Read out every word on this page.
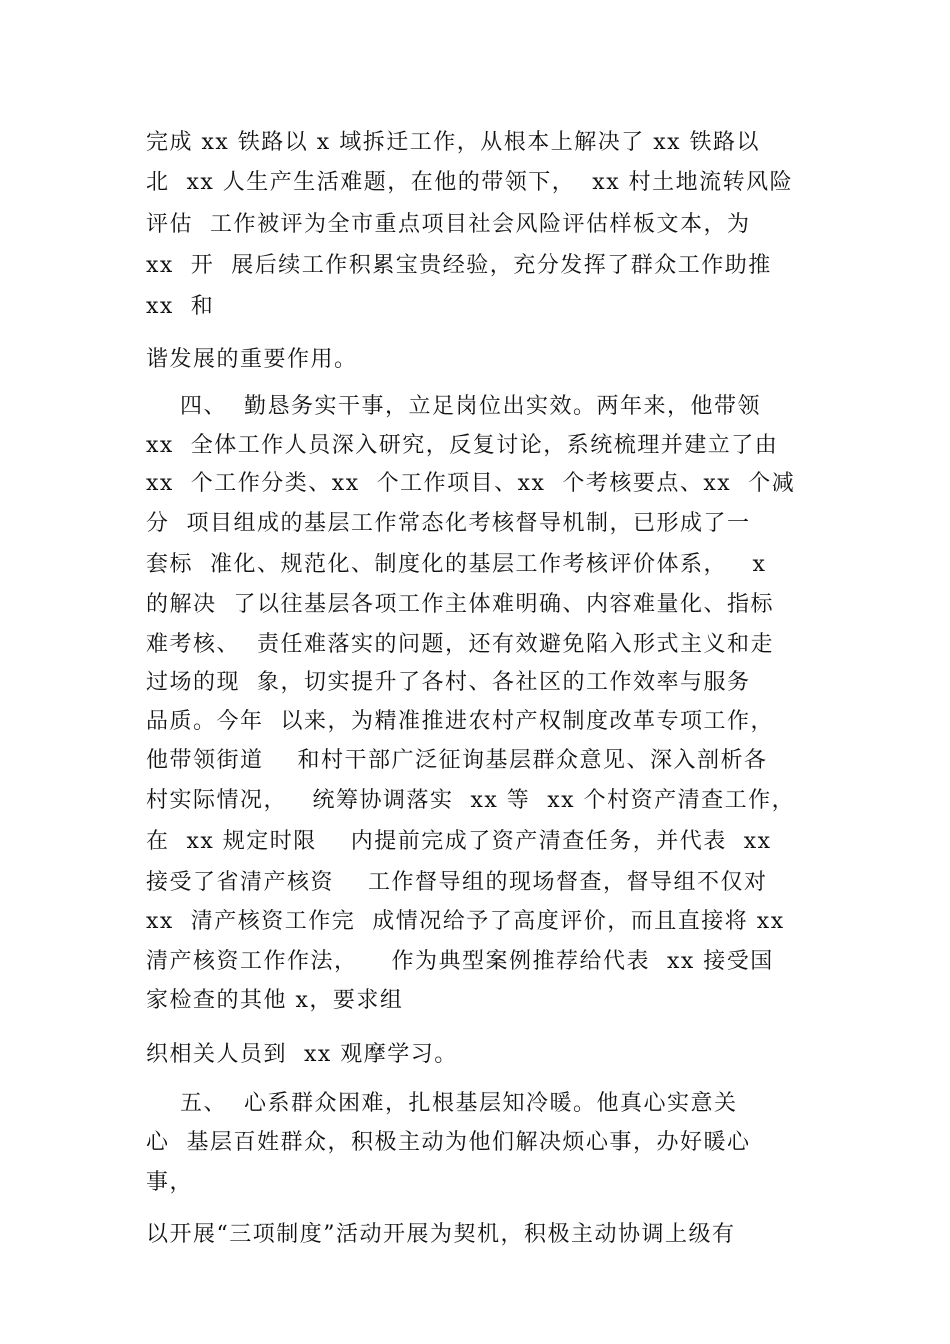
完成 xx 铁路以 x 域拆迁工作，从根本上解决了 xx 铁路以

北  xx 人生产生活难题，在他的带领下，  xx 村土地流转风险

评估  工作被评为全市重点项目社会风险评估样板文本，为

xx  开  展后续工作积累宝贵经验，充分发挥了群众工作助推

xx  和

谐发展的重要作用。

四、  勤恳务实干事，立足岗位出实效。两年来，他带领

xx  全体工作人员深入研究，反复讨论，系统梳理并建立了由

xx  个工作分类、xx  个工作项目、xx  个考核要点、xx  个减

分  项目组成的基层工作常态化考核督导机制，已形成了一

套标  准化、规范化、制度化的基层工作考核评价体系，   x

的解决  了以往基层各项工作主体难明确、内容难量化、指标

难考核、  责任难落实的问题，还有效避免陷入形式主义和走

过场的现  象，切实提升了各村、各社区的工作效率与服务

品质。今年  以来，为精准推进农村产权制度改革专项工作，

他带领街道    和村干部广泛征询基层群众意见、深入剖析各

村实际情况，   统筹协调落实  xx 等  xx 个村资产清查工作，

在  xx 规定时限    内提前完成了资产清查任务，并代表  xx

接受了省清产核资    工作督导组的现场督查，督导组不仅对

xx  清产核资工作完  成情况给予了高度评价，而且直接将 xx

清产核资工作作法，    作为典型案例推荐给代表  xx 接受国

家检查的其他 x，要求组

织相关人员到  xx 观摩学习。

五、  心系群众困难，扎根基层知冷暖。他真心实意关

心  基层百姓群众，积极主动为他们解决烦心事，办好暖心

事，

以开展“三项制度”活动开展为契机，积极主动协调上级有
